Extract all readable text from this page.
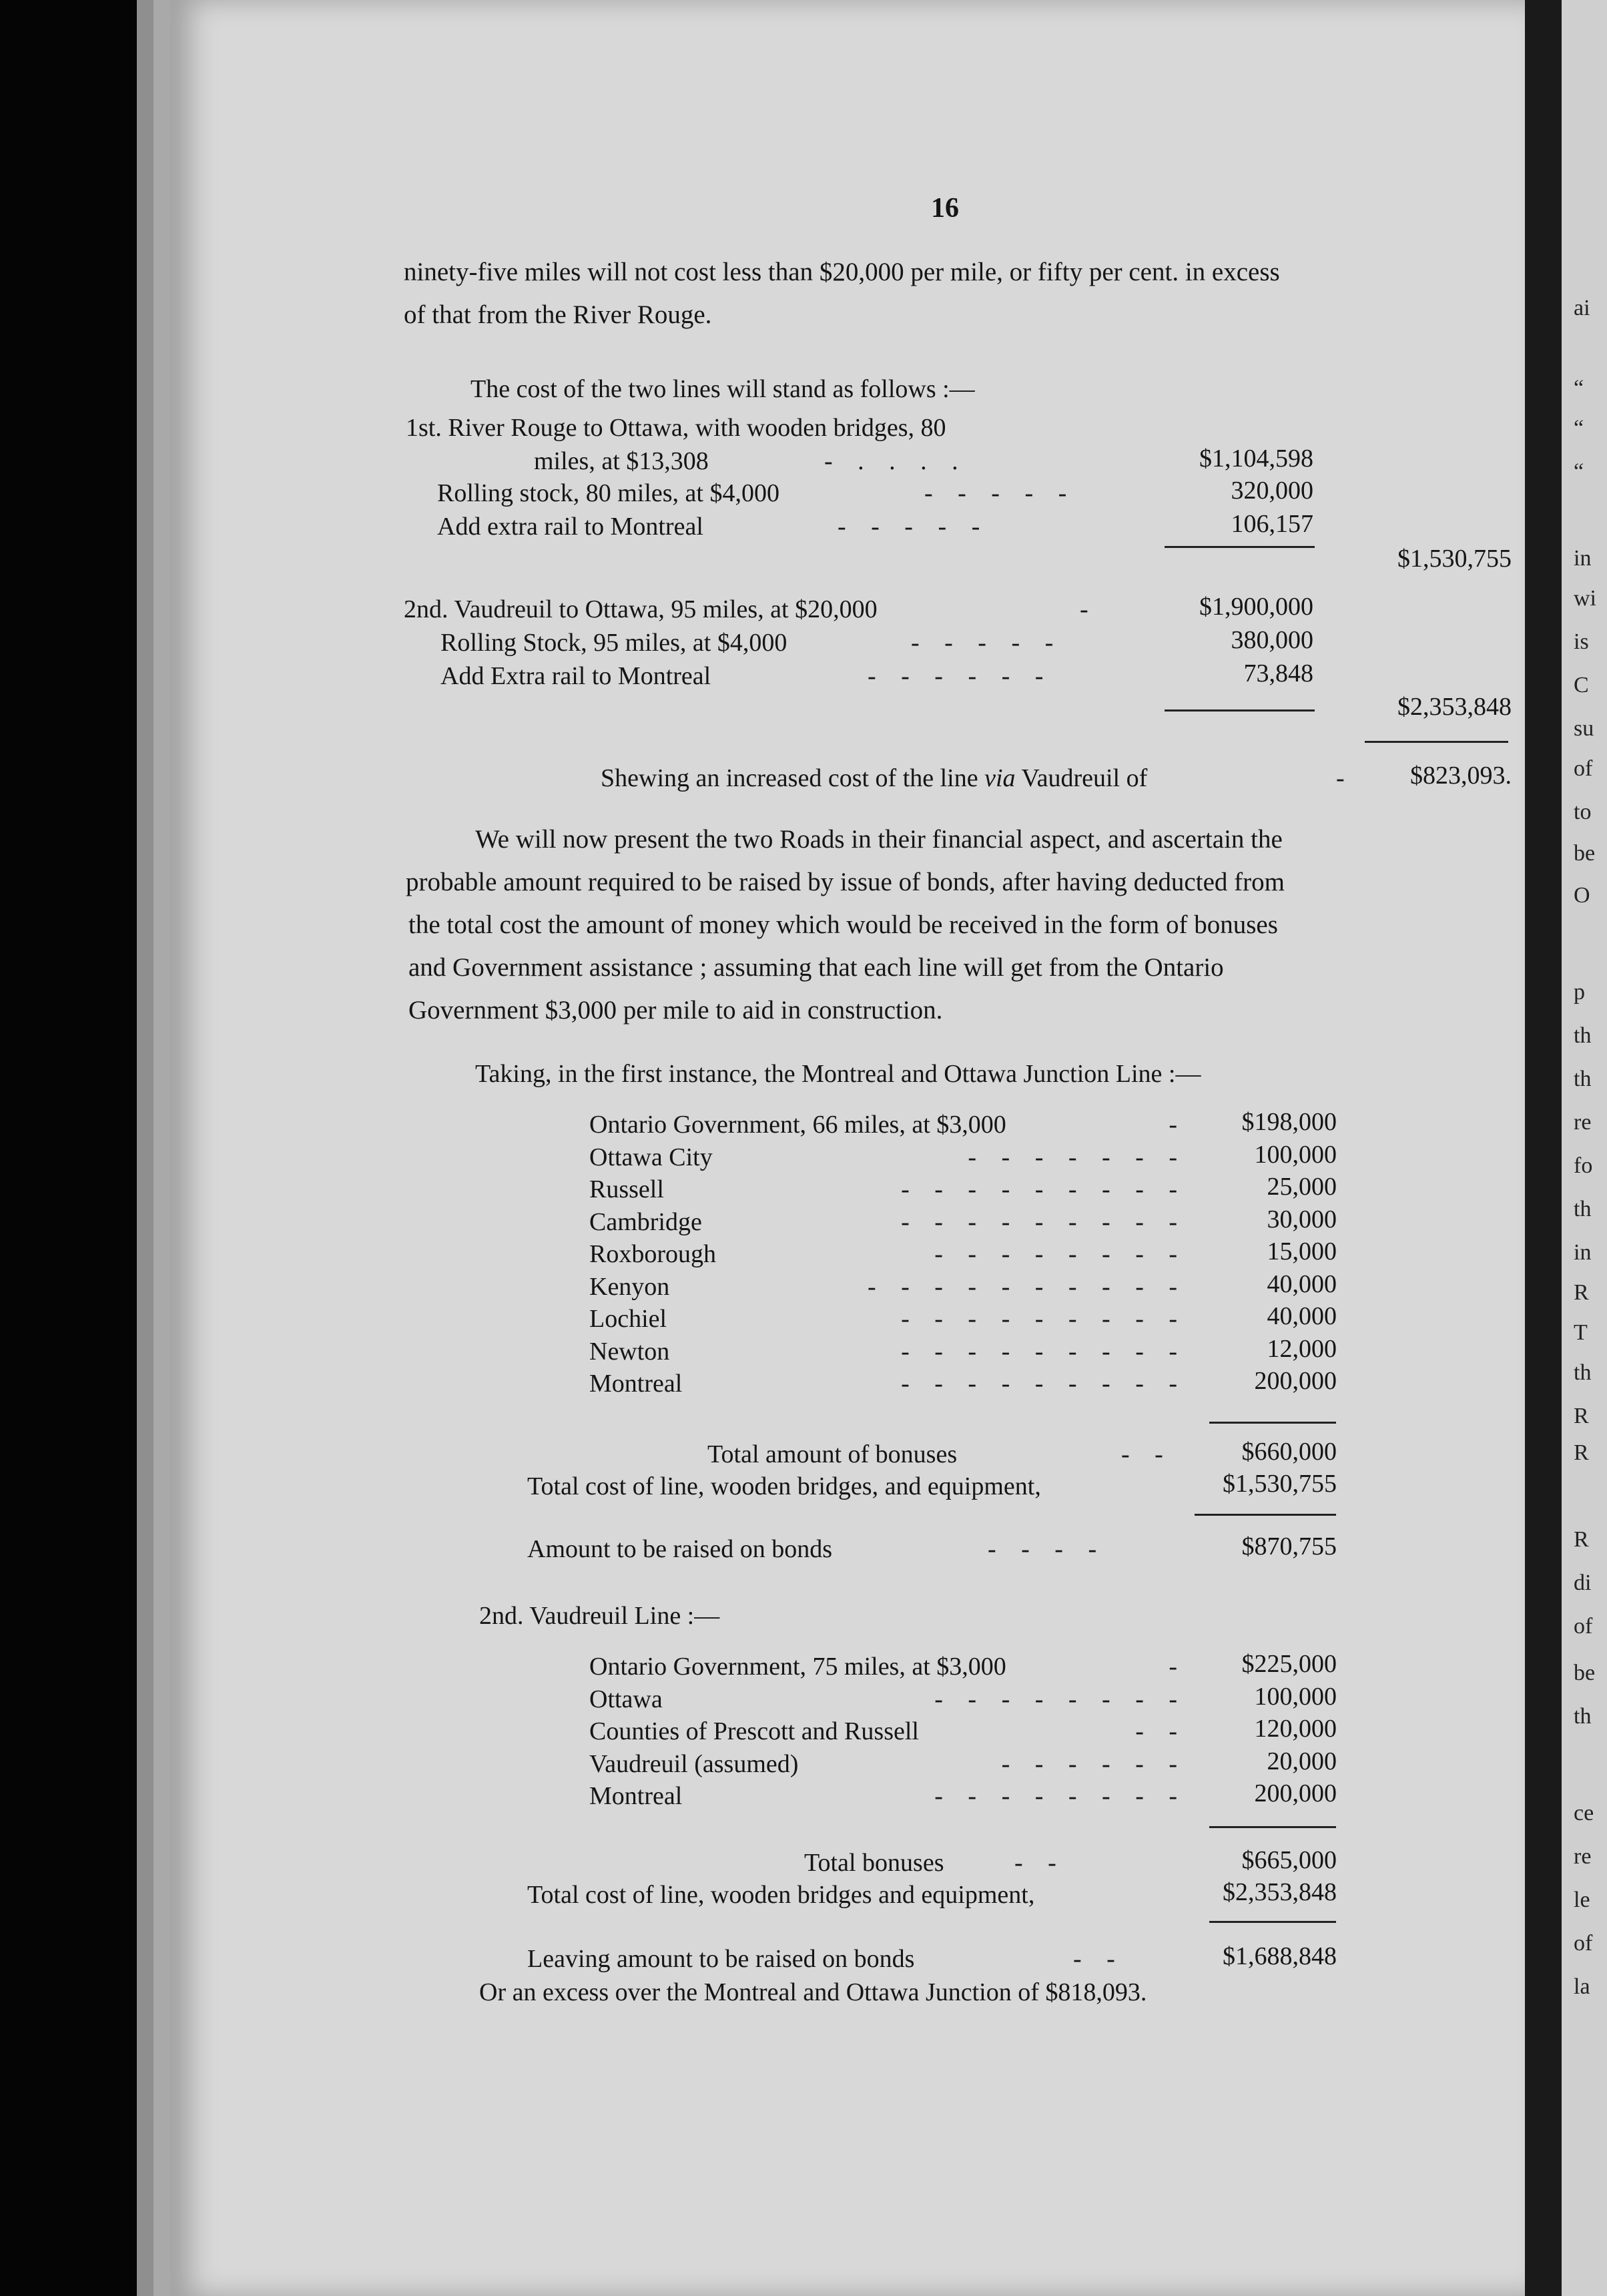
ai
“
“
“
in
wi
is
C
su
of
to
be
O
p
th
th
re
fo
th
in
R
T
th
R
R
R
di
of
be
th
ce
re
le
of
la
16
ninety-five miles will not cost less than $20,000 per mile, or fifty per cent. in excess
of that from the River Rouge.
The cost of the two lines will stand as follows :—
1st. River Rouge to Ottawa, with wooden bridges, 80
miles, at $13,308	- . . . .	$1,104,598
Rolling stock, 80 miles, at $4,000	- - - - -	320,000
Add extra rail to Montreal	- - - - -	106,157
$1,530,755
2nd. Vaudreuil to Ottawa, 95 miles, at $20,000	-	$1,900,000
Rolling Stock, 95 miles, at $4,000	- - - - -	380,000
Add Extra rail to Montreal	- - - - - -	73,848
$2,353,848
Shewing an increased cost of the line via Vaudreuil of	-	$823,093.
We will now present the two Roads in their financial aspect, and ascertain the
probable amount required to be raised by issue of bonds, after having deducted from
the total cost the amount of money which would be received in the form of bonuses
and Government assistance ; assuming that each line will get from the Ontario
Government $3,000 per mile to aid in construction.
Taking, in the first instance, the Montreal and Ottawa Junction Line :—
Ontario Government, 66 miles, at $3,000	- $198,000
Ottawa City	- - - - - - -	100,000
Russell	- - - - - - - - -	25,000
Cambridge	- - - - - - - - -	30,000
Roxborough	- - - - - - - -	15,000
Kenyon	- - - - - - - - - -	40,000
Lochiel	- - - - - - - - -	40,000
Newton	- - - - - - - - -	12,000
Montreal	- - - - - - - - -	200,000
Total amount of bonuses	- -	$660,000
Total cost of line, wooden bridges, and equipment,	$1,530,755
Amount to be raised on bonds	- - - -	$870,755
2nd. Vaudreuil Line :—
Ontario Government, 75 miles, at $3,000	- $225,000
Ottawa	- - - - - - - -	100,000
Counties of Prescott and Russell	- -	120,000
Vaudreuil (assumed)	- - - - - -	20,000
Montreal	- - - - - - - -	200,000
Total bonuses	- -	$665,000
Total cost of line, wooden bridges and equipment,	$2,353,848
Leaving amount to be raised on bonds	- -	$1,688,848
Or an excess over the Montreal and Ottawa Junction of $818,093.
